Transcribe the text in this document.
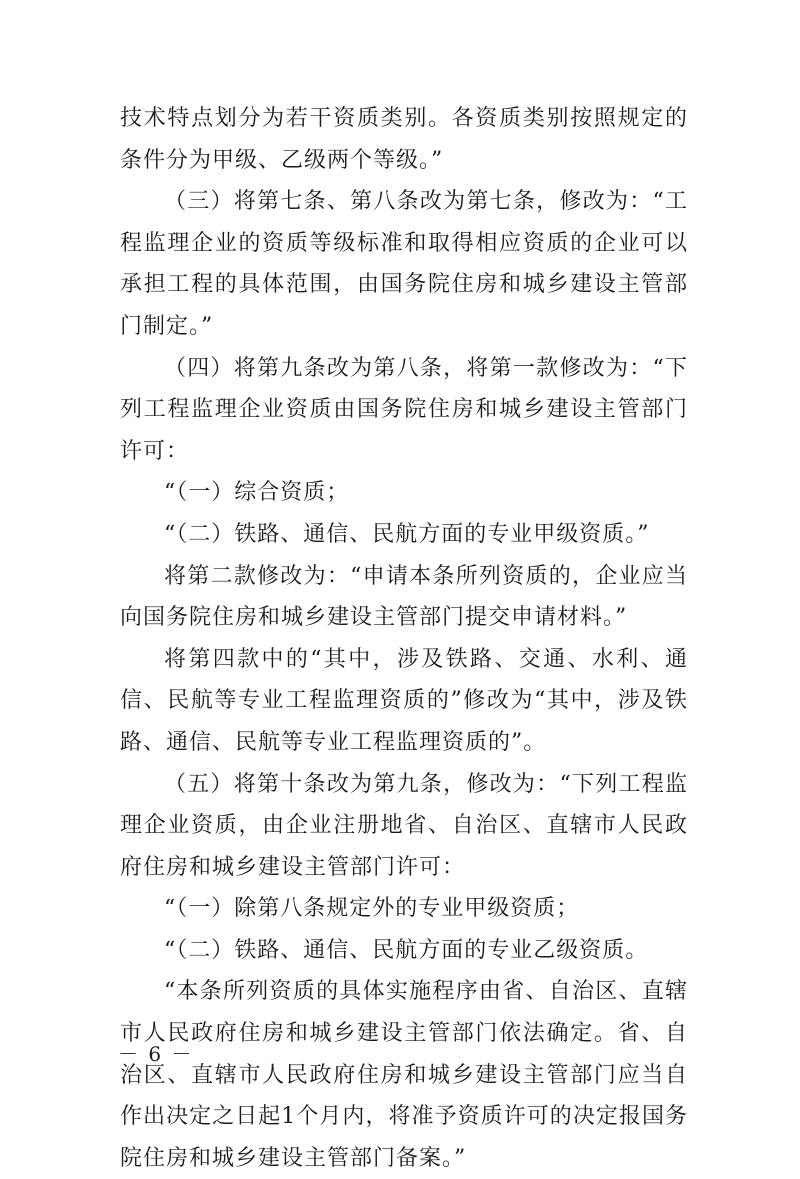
技术特点划分为若干资质类别。各资质类别按照规定的条件分为甲级、乙级两个等级。”

（三）将第七条、第八条改为第七条，修改为：“工程监理企业的资质等级标准和取得相应资质的企业可以承担工程的具体范围，由国务院住房和城乡建设主管部门制定。”

（四）将第九条改为第八条，将第一款修改为：“下列工程监理企业资质由国务院住房和城乡建设主管部门许可：

“（一）综合资质；

“（二）铁路、通信、民航方面的专业甲级资质。”

将第二款修改为：“申请本条所列资质的，企业应当向国务院住房和城乡建设主管部门提交申请材料。”

将第四款中的“其中，涉及铁路、交通、水利、通信、民航等专业工程监理资质的”修改为“其中，涉及铁路、通信、民航等专业工程监理资质的”。

（五）将第十条改为第九条，修改为：“下列工程监理企业资质，由企业注册地省、自治区、直辖市人民政府住房和城乡建设主管部门许可：

“（一）除第八条规定外的专业甲级资质；

“（二）铁路、通信、民航方面的专业乙级资质。

“本条所列资质的具体实施程序由省、自治区、直辖市人民政府住房和城乡建设主管部门依法确定。省、自治区、直辖市人民政府住房和城乡建设主管部门应当自作出决定之日起1个月内，将准予资质许可的决定报国务院住房和城乡建设主管部门备案。”

－ 6 －
